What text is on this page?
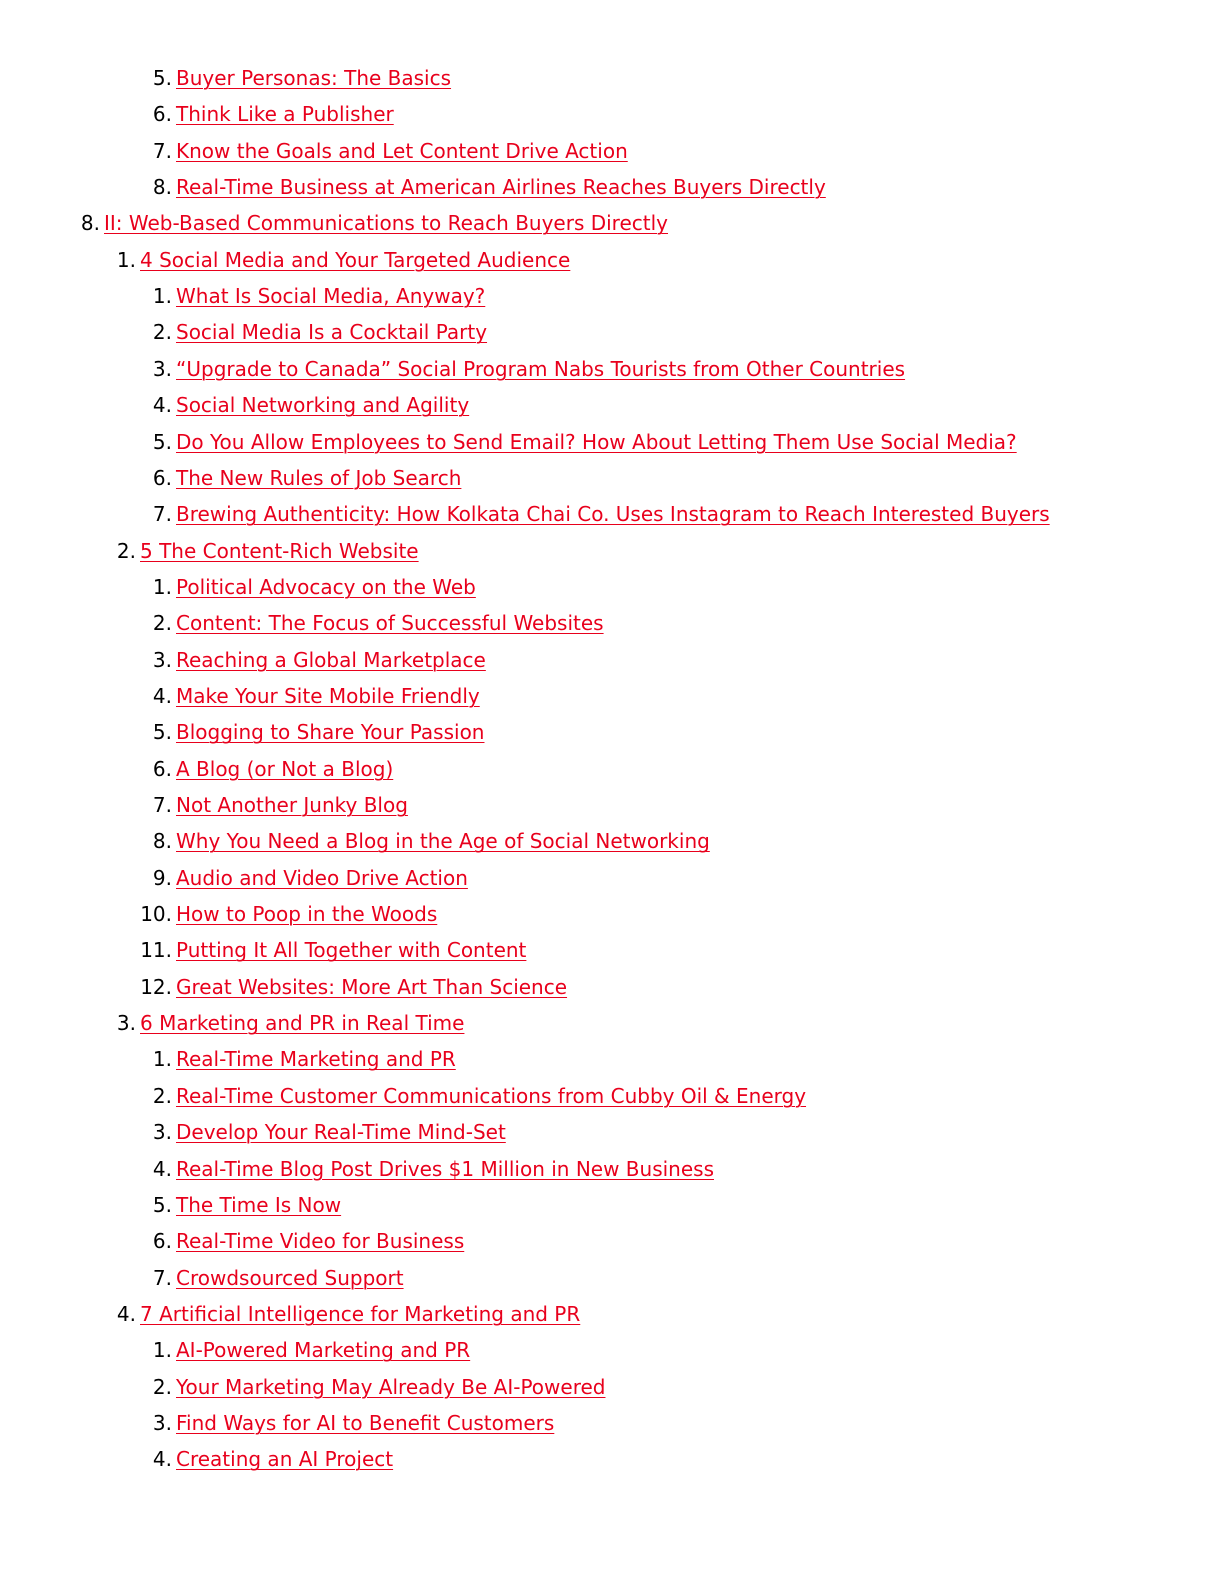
5. Buyer Personas: The Basics
6. Think Like a Publisher
7. Know the Goals and Let Content Drive Action
8. Real-Time Business at American Airlines Reaches Buyers Directly
8. II: Web-Based Communications to Reach Buyers Directly
1. 4 Social Media and Your Targeted Audience
1. What Is Social Media, Anyway?
2. Social Media Is a Cocktail Party
3. “Upgrade to Canada” Social Program Nabs Tourists from Other Countries
4. Social Networking and Agility
5. Do You Allow Employees to Send Email? How About Letting Them Use Social Media?
6. The New Rules of Job Search
7. Brewing Authenticity: How Kolkata Chai Co. Uses Instagram to Reach Interested Buyers
2. 5 The Content-Rich Website
1. Political Advocacy on the Web
2. Content: The Focus of Successful Websites
3. Reaching a Global Marketplace
4. Make Your Site Mobile Friendly
5. Blogging to Share Your Passion
6. A Blog (or Not a Blog)
7. Not Another Junky Blog
8. Why You Need a Blog in the Age of Social Networking
9. Audio and Video Drive Action
10. How to Poop in the Woods
11. Putting It All Together with Content
12. Great Websites: More Art Than Science
3. 6 Marketing and PR in Real Time
1. Real-Time Marketing and PR
2. Real-Time Customer Communications from Cubby Oil & Energy
3. Develop Your Real-Time Mind-Set
4. Real-Time Blog Post Drives $1 Million in New Business
5. The Time Is Now
6. Real-Time Video for Business
7. Crowdsourced Support
4. 7 Artificial Intelligence for Marketing and PR
1. AI-Powered Marketing and PR
2. Your Marketing May Already Be AI-Powered
3. Find Ways for AI to Benefit Customers
4. Creating an AI Project
